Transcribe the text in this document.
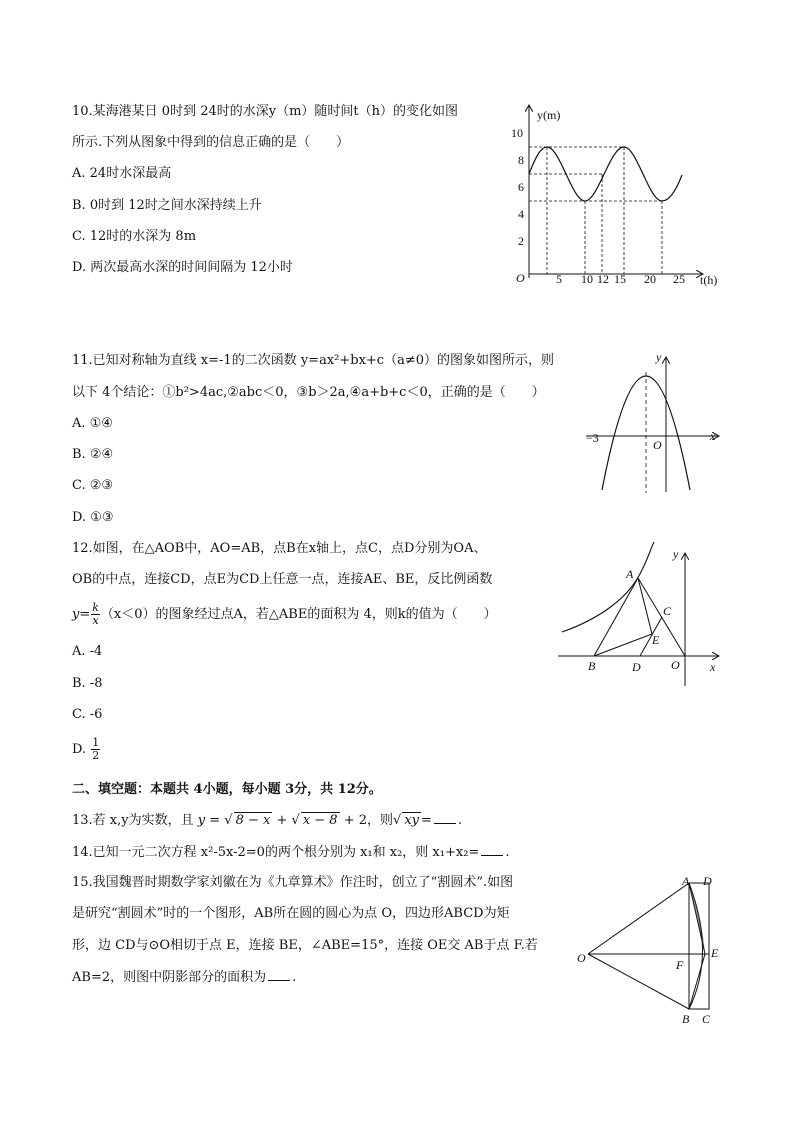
10.某海港某日 0时到 24时的水深y（m）随时间t（h）的变化如图
所示.下列从图象中得到的信息正确的是（　　）
A. 24时水深最高
B. 0时到 12时之间水深持续上升
C. 12时的水深为 8m
D. 两次最高水深的时间间隔为 12小时
y(m)
t(h)
O
10
8
6
4
2
5 10 12 15 20 25
11.已知对称轴为直线 x=-1的二次函数 y=ax²+bx+c（a≠0）的图象如图所示，则
以下 4个结论：①b²>4ac,②abc＜0，③b＞2a,④a+b+c＜0，正确的是（　　）
A. ①④
B. ②④
C. ②③
D. ①③
y
x
O
−3
12.如图，在△AOB中，AO=AB，点B在x轴上，点C，点D分别为OA、
OB的中点，连接CD，点E为CD上任意一点，连接AE、BE，反比例函数
$y= \frac{k}{x} (x<0)$的图象经过点A，若△ABE的面积为 4，则k的值为（　　）
A. -4
B. -8
C. -6
D. $\frac{1}{2}$
A
B
C
D
E
O	x
y
二、填空题：本题共 4小题，每小题 3分，共 12分。
13.若 x,y为实数，且 y = √ 8 − x + √ x − 8 + 2，则√ xy = .
14.已知一元二次方程 x²-5x-2=0的两个根分别为 x₁和 x₂，则 x₁+x₂= .
15.我国魏晋时期数学家刘徽在为《九章算术》作注时，创立了“割圆术”.如图
是研究“割圆术”时的一个图形，AB所在圆的圆心为点 O，四边形ABCD为矩
形，边 CD与⊙O相切于点 E，连接 BE，∠ABE=15°，连接 OE交 AB于点 F.若
AB=2，则图中阴影部分的面积为 .
A D
E
F
O
B C
